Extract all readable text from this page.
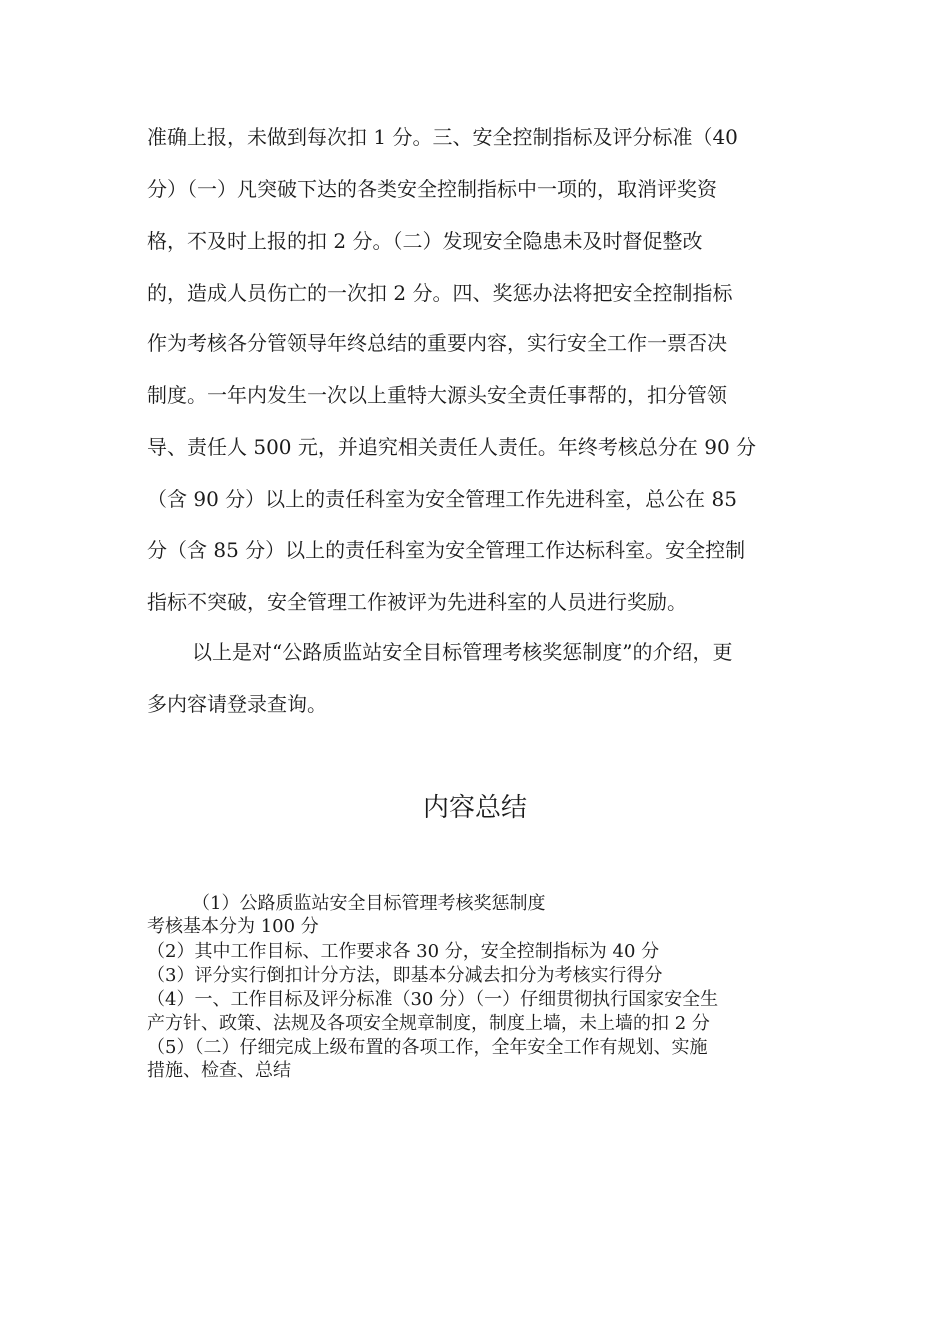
准确上报，未做到每次扣 1 分。三、安全控制指标及评分标准（40
分）（一）凡突破下达的各类安全控制指标中一项的，取消评奖资
格，不及时上报的扣 2 分。（二）发现安全隐患未及时督促整改
的，造成人员伤亡的一次扣 2 分。四、奖惩办法将把安全控制指标
作为考核各分管领导年终总结的重要内容，实行安全工作一票否决
制度。一年内发生一次以上重特大源头安全责任事帮的，扣分管领
导、责任人 500 元，并追究相关责任人责任。年终考核总分在 90 分
（含 90 分）以上的责任科室为安全管理工作先进科室，总公在 85
分（含 85 分）以上的责任科室为安全管理工作达标科室。安全控制
指标不突破，安全管理工作被评为先进科室的人员进行奖励。
以上是对“公路质监站安全目标管理考核奖惩制度”的介绍，更
多内容请登录查询。
内容总结
（1）公路质监站安全目标管理考核奖惩制度
考核基本分为 100 分
（2）其中工作目标、工作要求各 30 分，安全控制指标为 40 分
（3）评分实行倒扣计分方法，即基本分减去扣分为考核实行得分
（4）一、工作目标及评分标准（30 分）（一）仔细贯彻执行国家安全生
产方针、政策、法规及各项安全规章制度，制度上墙，未上墙的扣 2 分
（5）（二）仔细完成上级布置的各项工作，全年安全工作有规划、实施
措施、检查、总结
